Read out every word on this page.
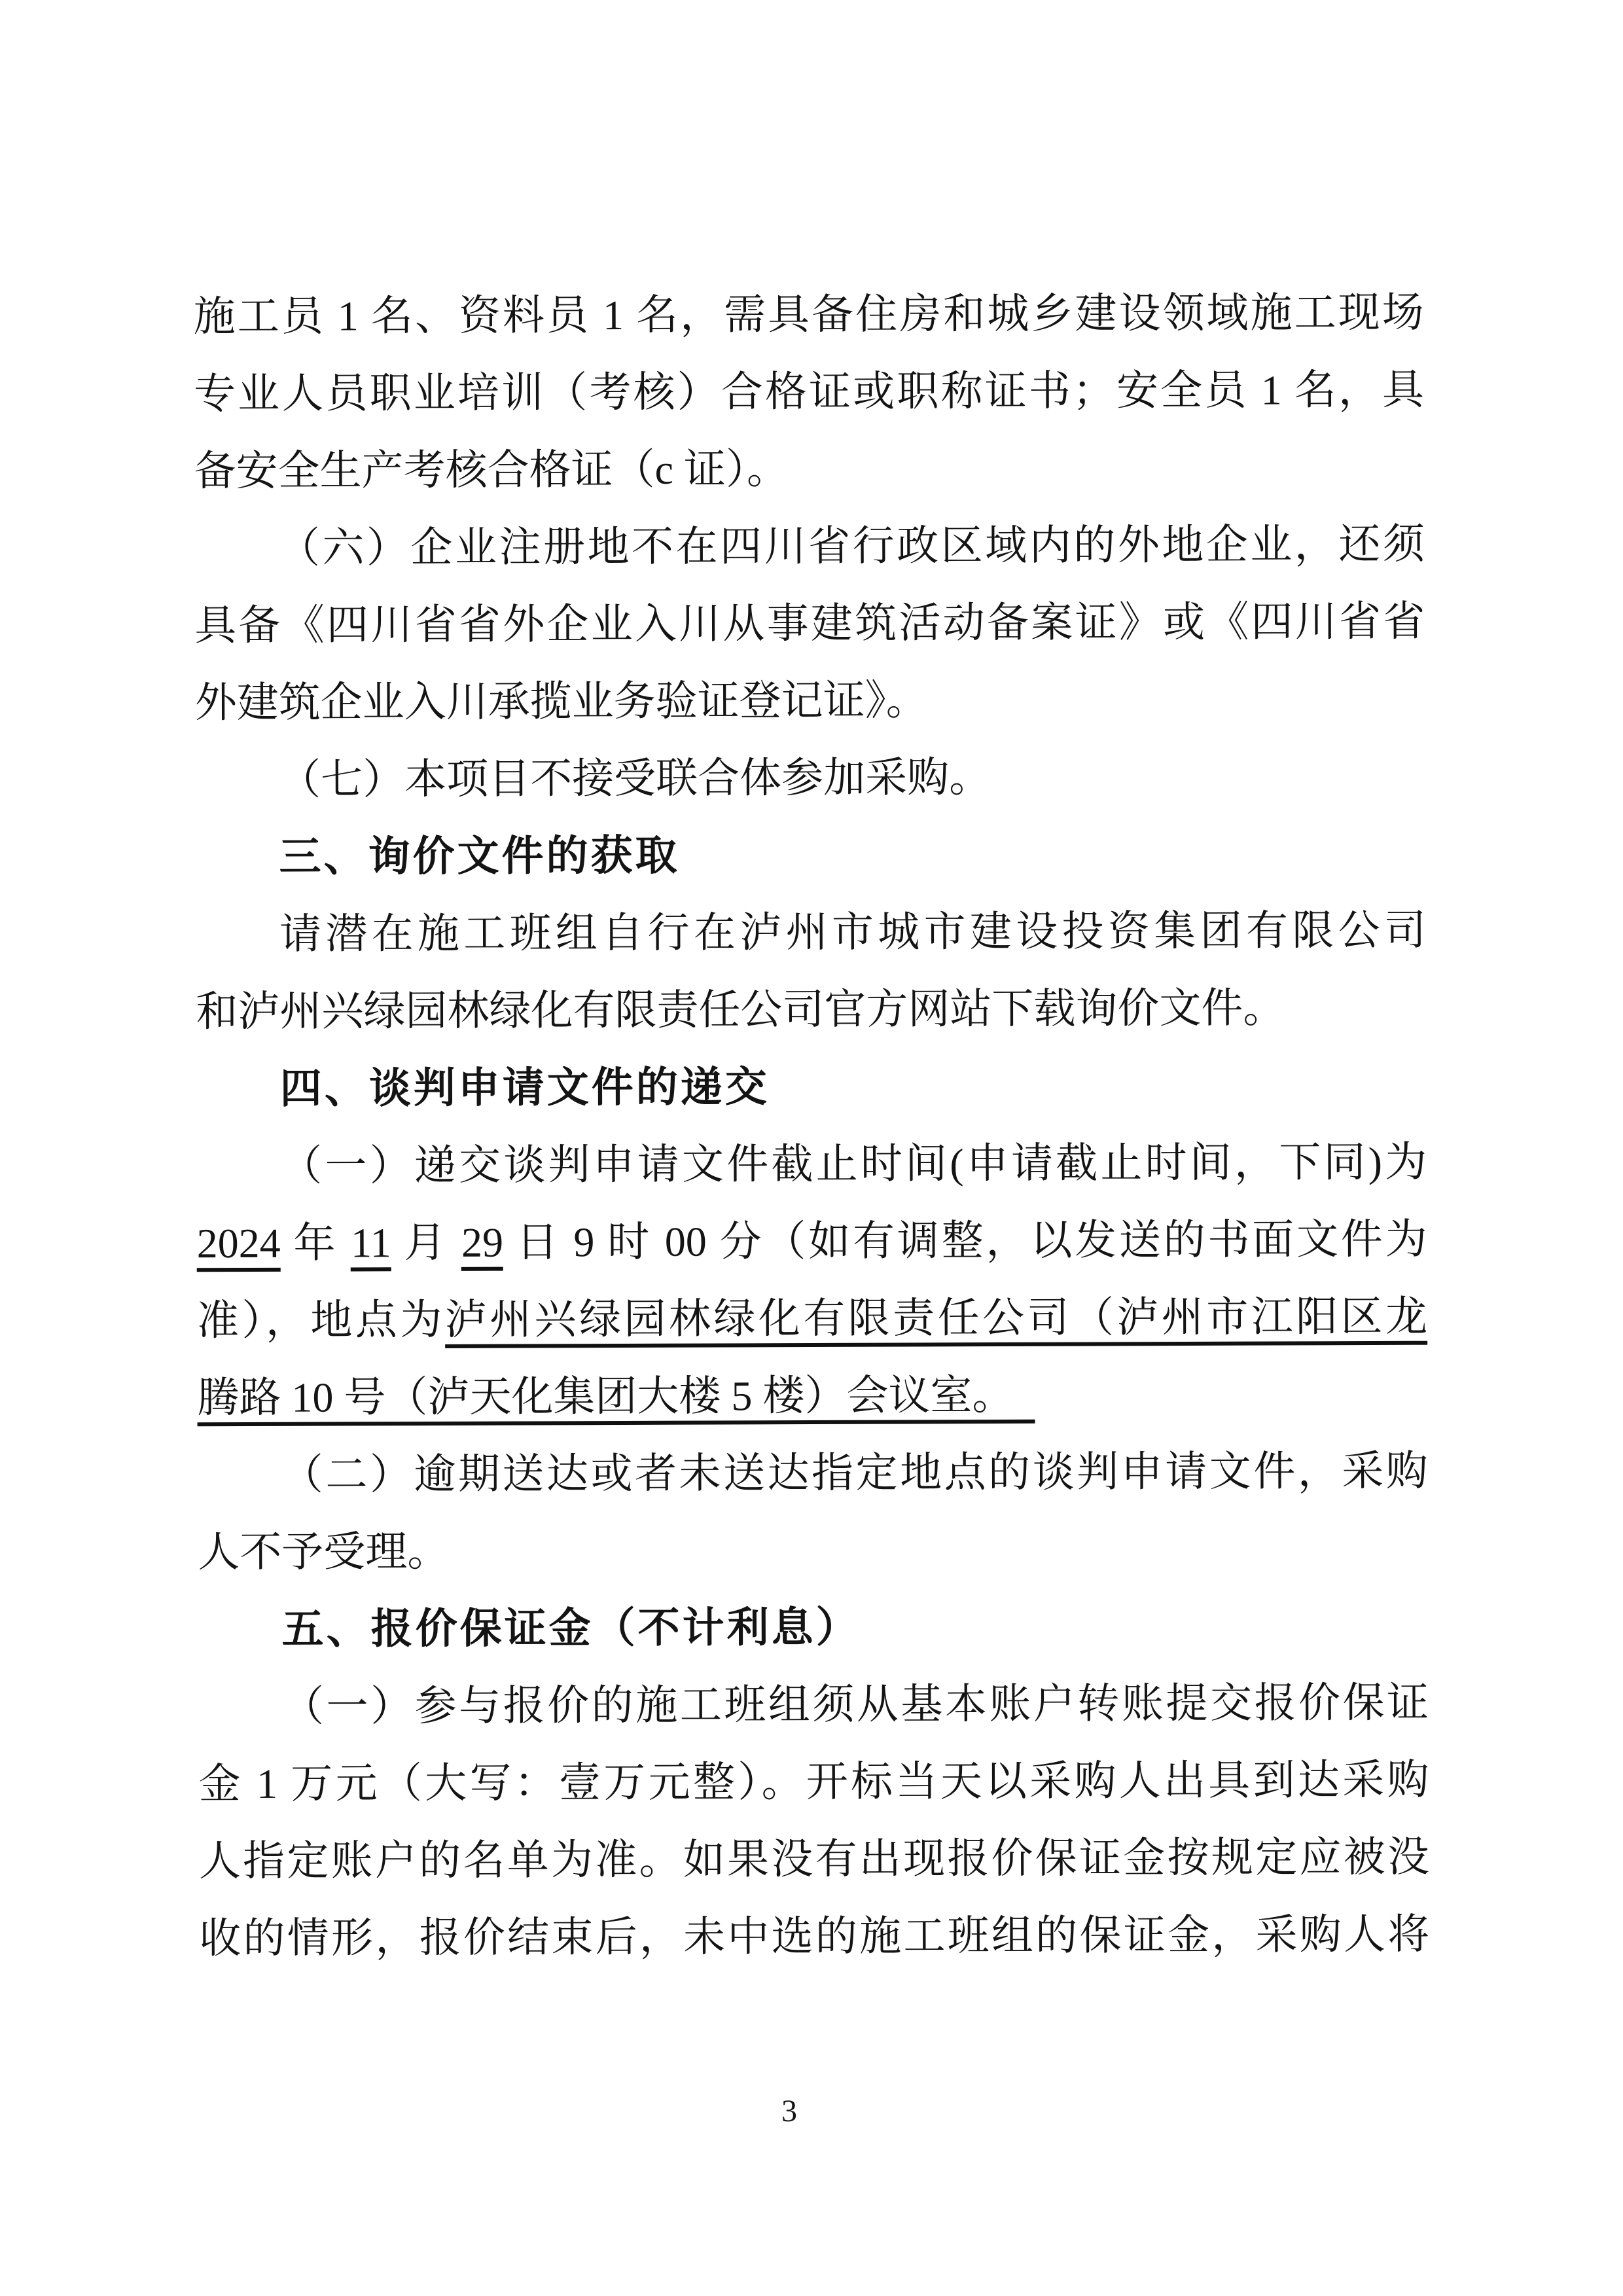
施工员 1 名、资料员 1 名，需具备住房和城乡建设领域施工现场
专业人员职业培训（考核）合格证或职称证书；安全员 1 名，具
备安全生产考核合格证（c 证）。
（六）企业注册地不在四川省行政区域内的外地企业，还须
具备《四川省省外企业入川从事建筑活动备案证》或《四川省省
外建筑企业入川承揽业务验证登记证》。
（七）本项目不接受联合体参加采购。
三、询价文件的获取
请潜在施工班组自行在泸州市城市建设投资集团有限公司
和泸州兴绿园林绿化有限责任公司官方网站下载询价文件。
四、谈判申请文件的递交
（一）递交谈判申请文件截止时间(申请截止时间，下同)为
2024 年 11 月 29 日 9 时 00 分（如有调整，以发送的书面文件为
准），地点为泸州兴绿园林绿化有限责任公司（泸州市江阳区龙
腾路 10 号（泸天化集团大楼 5 楼）会议室。　
（二）逾期送达或者未送达指定地点的谈判申请文件，采购
人不予受理。
五、报价保证金（不计利息）
（一）参与报价的施工班组须从基本账户转账提交报价保证
金 1 万元（大写：壹万元整）。开标当天以采购人出具到达采购
人指定账户的名单为准。如果没有出现报价保证金按规定应被没
收的情形，报价结束后，未中选的施工班组的保证金，采购人将
3
